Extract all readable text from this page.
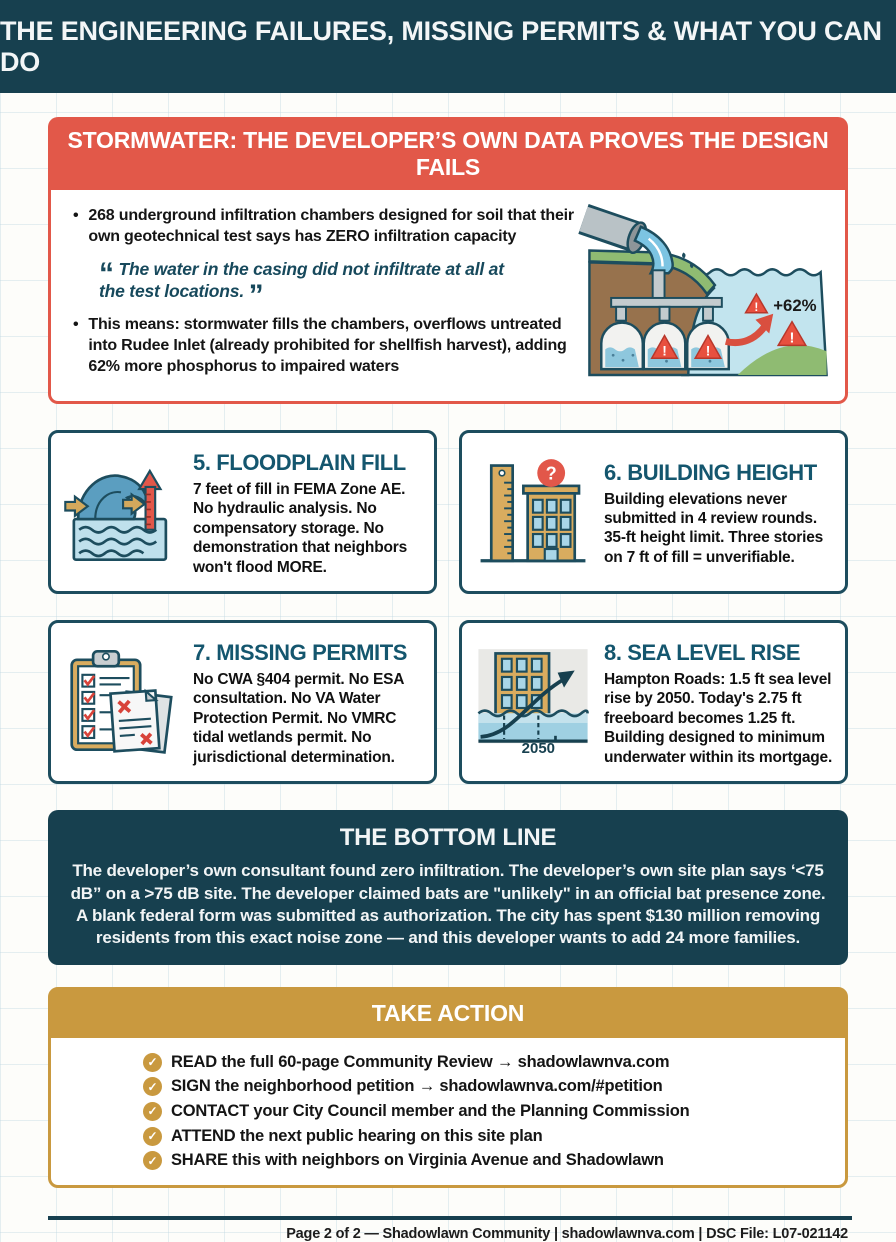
THE ENGINEERING FAILURES, MISSING PERMITS & WHAT YOU CAN DO
STORMWATER: THE DEVELOPER’S OWN DATA PROVES THE DESIGN FAILS
• 268 underground infiltration chambers designed for soil that their own geotechnical test says has ZERO infiltration capacity
“ The water in the casing did not infiltrate at all at the test locations. ”
• This means: stormwater fills the chambers, overflows untreated into Rudee Inlet (already prohibited for shellfish harvest), adding 62% more phosphorus to impaired waters
!	!
!
!
+62%
5. FLOODPLAIN FILL
7 feet of fill in FEMA Zone AE. No hydraulic analysis. No compensatory storage. No demonstration that neighbors won't flood MORE.
? 6. BUILDING HEIGHT
Building elevations never submitted in 4 review rounds. 35-ft height limit. Three stories on 7 ft of fill = unverifiable.
7. MISSING PERMITS
No CWA §404 permit. No ESA consultation. No VA Water Protection Permit. No VMRC tidal wetlands permit. No jurisdictional determination.	2050
8. SEA LEVEL RISE
Hampton Roads: 1.5 ft sea level rise by 2050. Today's 2.75 ft freeboard becomes 1.25 ft. Building designed to minimum underwater within its mortgage.
THE BOTTOM LINE

The developer’s own consultant found zero infiltration. The developer’s own site plan says ‘<75 dB” on a >75 dB site. The developer claimed bats are "unlikely" in an official bat presence zone. A blank federal form was submitted as authorization. The city has spent $130 million removing residents from this exact noise zone — and this developer wants to add 24 more families.

TAKE ACTION
✓ READ the full 60-page Community Review → shadowlawnva.com
✓ SIGN the neighborhood petition → shadowlawnva.com/#petition
✓ CONTACT your City Council member and the Planning Commission
✓ ATTEND the next public hearing on this site plan
✓ SHARE this with neighbors on Virginia Avenue and Shadowlawn
Page 2 of 2 — Shadowlawn Community | shadowlawnva.com | DSC File: L07-021142
